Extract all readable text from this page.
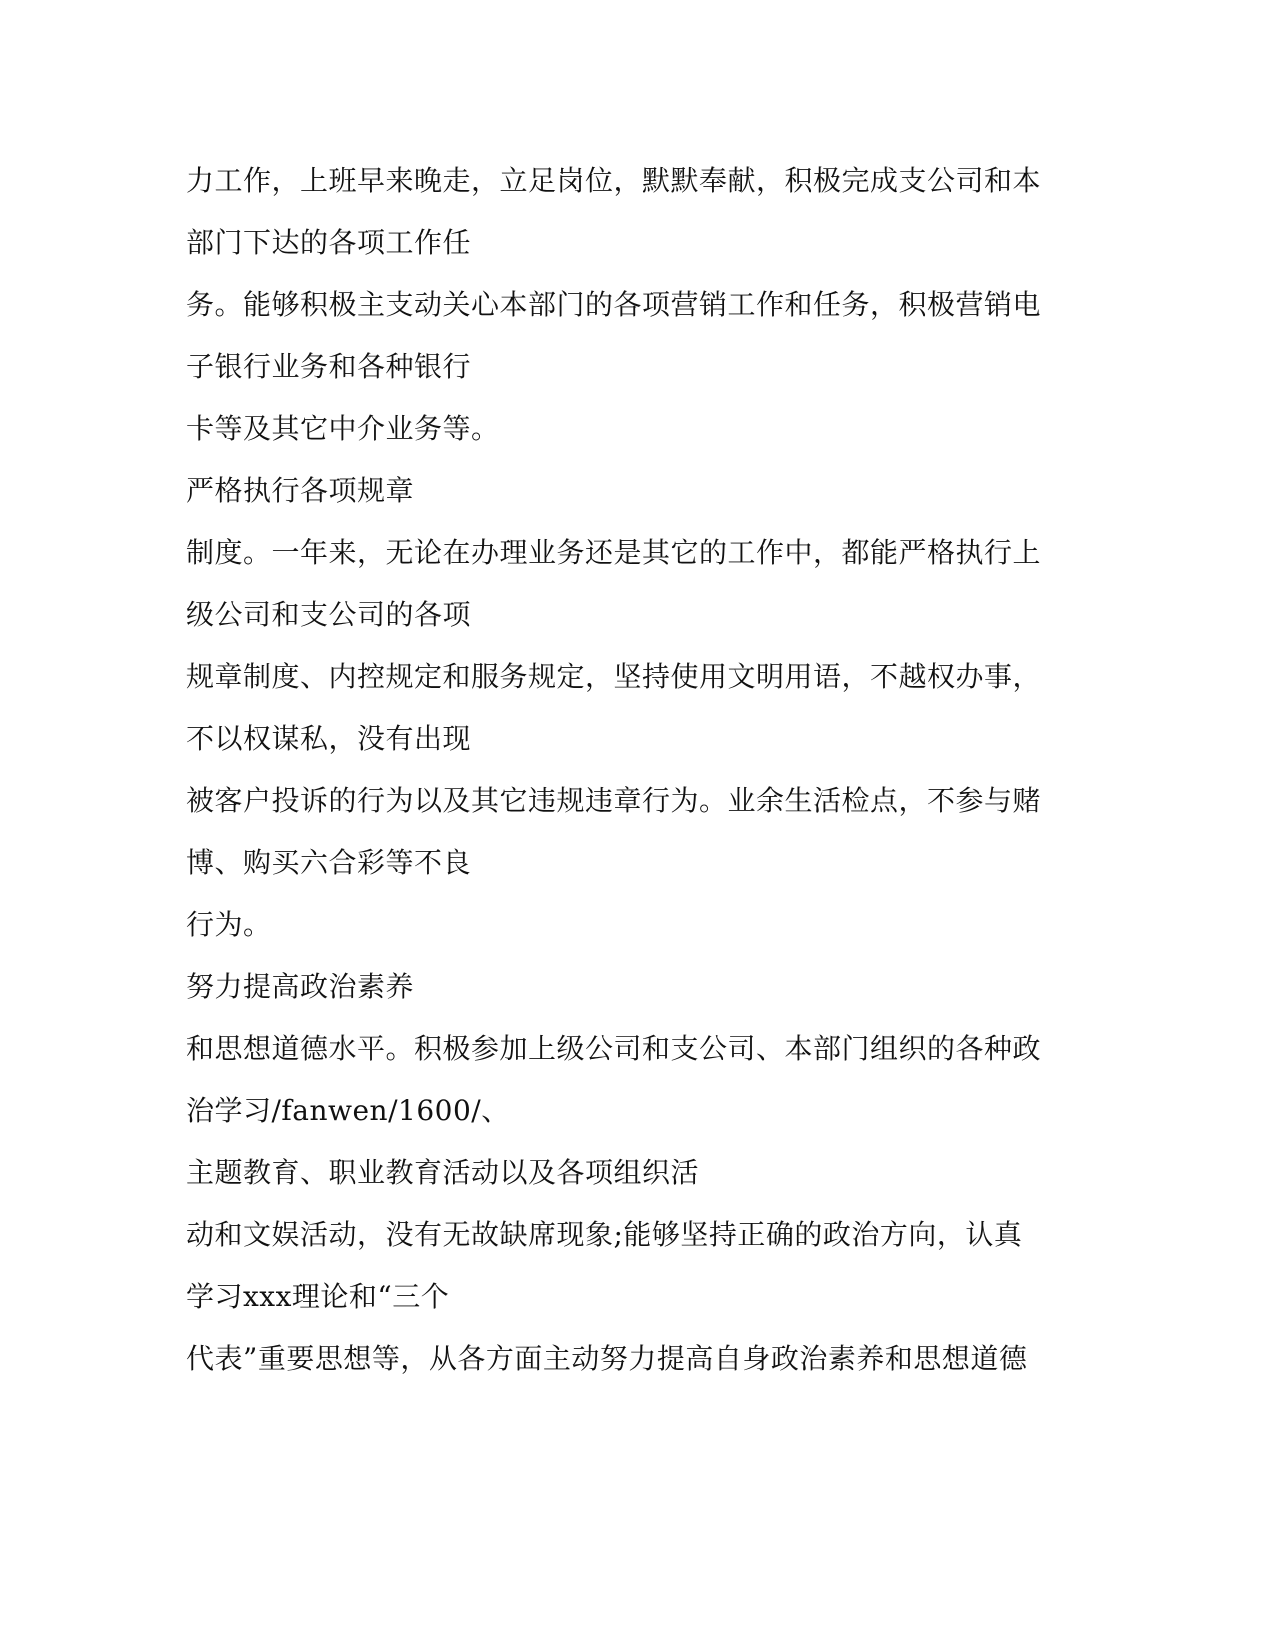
力工作，上班早来晚走，立足岗位，默默奉献，积极完成支公司和本
部门下达的各项工作任
务。能够积极主支动关心本部门的各项营销工作和任务，积极营销电
子银行业务和各种银行
卡等及其它中介业务等。
严格执行各项规章
制度。一年来，无论在办理业务还是其它的工作中，都能严格执行上
级公司和支公司的各项
规章制度、内控规定和服务规定，坚持使用文明用语，不越权办事，
不以权谋私，没有出现
被客户投诉的行为以及其它违规违章行为。业余生活检点，不参与赌
博、购买六合彩等不良
行为。
努力提高政治素养
和思想道德水平。积极参加上级公司和支公司、本部门组织的各种政
治学习/fanwen/1600/、
主题教育、职业教育活动以及各项组织活
动和文娱活动，没有无故缺席现象;能够坚持正确的政治方向，认真
学习xxx理论和“三个
代表”重要思想等，从各方面主动努力提高自身政治素养和思想道德
